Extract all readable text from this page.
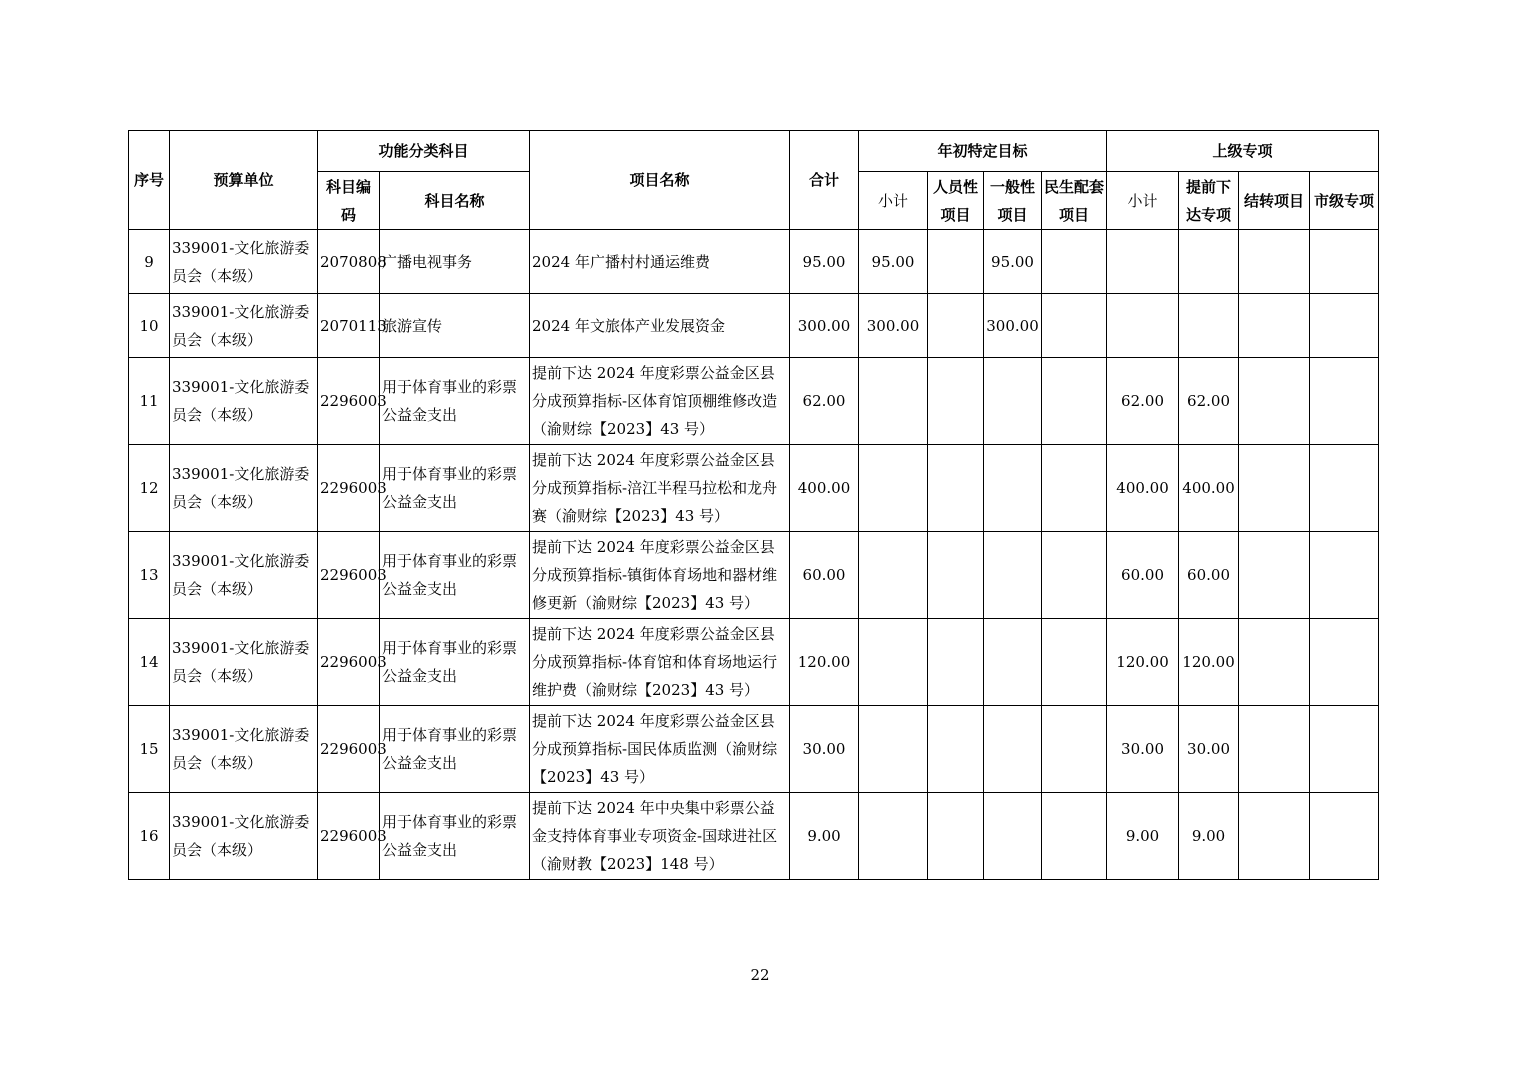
序号	预算单位	功能分类科目		项目名称	合计	年初特定目标				上级专项			
		科目编码	科目名称			小计	人员性项目	一般性项目	民生配套项目	小计	提前下达专项	结转项目	市级专项
9	339001-文化旅游委员会（本级）	2070808	广播电视事务	2024 年广播村村通运维费	95.00	95.00		95.00					
10	339001-文化旅游委员会（本级）	2070113	旅游宣传	2024 年文旅体产业发展资金	300.00	300.00		300.00					
11	339001-文化旅游委员会（本级）	2296003	用于体育事业的彩票公益金支出	提前下达 2024 年度彩票公益金区县分成预算指标-区体育馆顶棚维修改造（渝财综【2023】43 号）	62.00					62.00	62.00		
12	339001-文化旅游委员会（本级）	2296003	用于体育事业的彩票公益金支出	提前下达 2024 年度彩票公益金区县分成预算指标-涪江半程马拉松和龙舟赛（渝财综【2023】43 号）	400.00					400.00	400.00		
13	339001-文化旅游委员会（本级）	2296003	用于体育事业的彩票公益金支出	提前下达 2024 年度彩票公益金区县分成预算指标-镇街体育场地和器材维修更新（渝财综【2023】43 号）	60.00					60.00	60.00		
14	339001-文化旅游委员会（本级）	2296003	用于体育事业的彩票公益金支出	提前下达 2024 年度彩票公益金区县分成预算指标-体育馆和体育场地运行维护费（渝财综【2023】43 号）	120.00					120.00	120.00		
15	339001-文化旅游委员会（本级）	2296003	用于体育事业的彩票公益金支出	提前下达 2024 年度彩票公益金区县分成预算指标-国民体质监测（渝财综【2023】43 号）	30.00					30.00	30.00		
16	339001-文化旅游委员会（本级）	2296003	用于体育事业的彩票公益金支出	提前下达 2024 年中央集中彩票公益金支持体育事业专项资金-国球进社区（渝财教【2023】148 号）	9.00					9.00	9.00		
22
